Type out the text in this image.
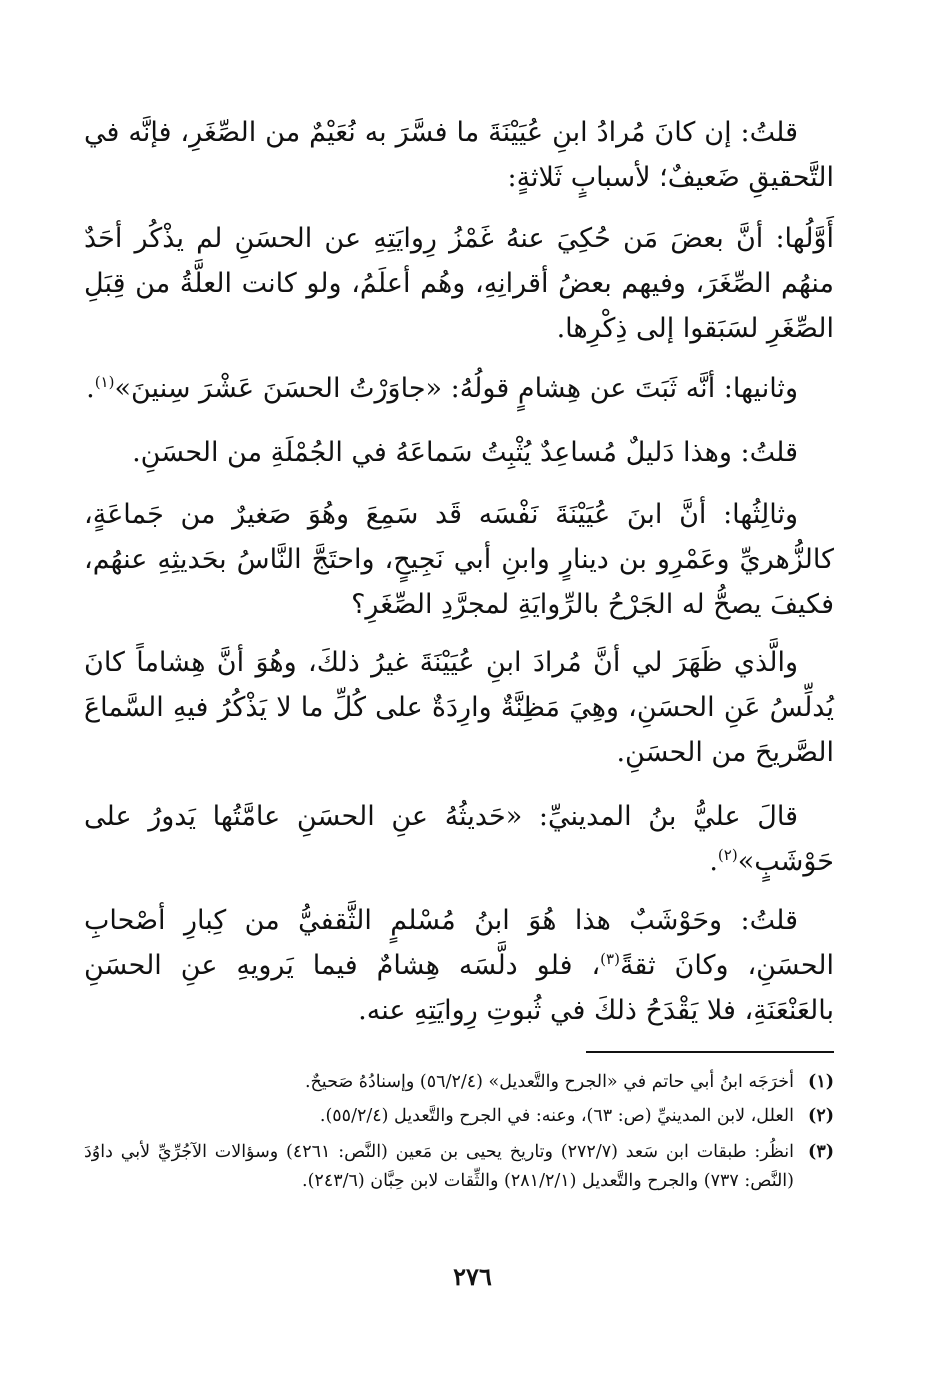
قلتُ: إن كانَ مُرادُ ابنِ عُيَيْنَةَ ما فسَّرَ به نُعَيْمٌ من الصِّغَرِ، فإنَّه في التَّحقيقِ ضَعيفٌ؛ لأسبابٍ ثَلاثةٍ:

أَوَّلُها: أنَّ بعضَ مَن حُكِيَ عنهُ غَمْزُ رِوايَتِهِ عن الحسَنِ لم يذْكُر أحَدٌ منهُم الصِّغَرَ، وفيهم بعضُ أقرانِهِ، وهُم أعلَمُ، ولو كانت العلَّةُ من قِبَلِ الصِّغَرِ لسَبَقوا إلى ذِكْرِها.

وثانيها: أنَّه ثَبَتَ عن هِشامٍ قولُهُ: «جاوَرْتُ الحسَنَ عَشْرَ سِنينَ»$^{(١)}$.

قلتُ: وهذا دَليلٌ مُساعِدٌ يُثْبِتُ سَماعَهُ في الجُمْلَةِ من الحسَنِ.

وثالِثُها: أنَّ ابنَ عُيَيْنَةَ نَفْسَه قَد سَمِعَ وهُوَ صَغيرٌ من جَماعَةٍ، كالزُّهريِّ وعَمْرِو بن دينارٍ وابنِ أبي نَجِيحٍ، واحتَجَّ النَّاسُ بحَديثِهِ عنهُم، فكيفَ يصحُّ له الجَرْحُ بالرِّوايَةِ لمجرَّدِ الصِّغَرِ؟

والَّذي ظَهَرَ لي أنَّ مُرادَ ابنِ عُيَيْنَةَ غيرُ ذلكَ، وهُوَ أنَّ هِشاماً كانَ يُدلِّسُ عَنِ الحسَنِ، وهِيَ مَظِنَّةٌ وارِدَةٌ على كُلِّ ما لا يَذْكُرُ فيهِ السَّماعَ الصَّريحَ من الحسَنِ.

قالَ عليُّ بنُ المدينيِّ: «حَديثُهُ عنِ الحسَنِ عامَّتُها يَدورُ على حَوْشَبٍ»$^{(٢)}$.

قلتُ: وحَوْشَبٌ هذا هُوَ ابنُ مُسْلمٍ الثَّقفيُّ من كِبارِ أصْحابِ الحسَنِ، وكانَ ثقةً$^{(٣)}$، فلو دلَّسَه هِشامٌ فيما يَرويهِ عنِ الحسَنِ بالعَنْعَنَةِ، فلا يَقْدَحُ ذلكَ في ثُبوتِ رِوايَتِهِ عنه.

(١)
أخرَجَه ابنُ أبي حاتم في «الجرح والتَّعديل» (٥٦/٢/٤) وإسنادُهُ صَحيحٌ.
(٢)
العلل، لابن المدينيِّ (ص: ٦٣)، وعنه: في الجرح والتَّعديل (٥٥/٢/٤).
(٣)
انظُر: طبقات ابن سَعد (٢٧٢/٧) وتاريخ يحيى بن مَعين (النَّص: ٤٢٦١) وسؤالات الآجُرِّيِّ لأبي داوُدَ (النَّص: ٧٣٧) والجرح والتَّعديل (٢٨١/٢/١) والثِّقات لابن حِبَّان (٢٤٣/٦).
٢٧٦
